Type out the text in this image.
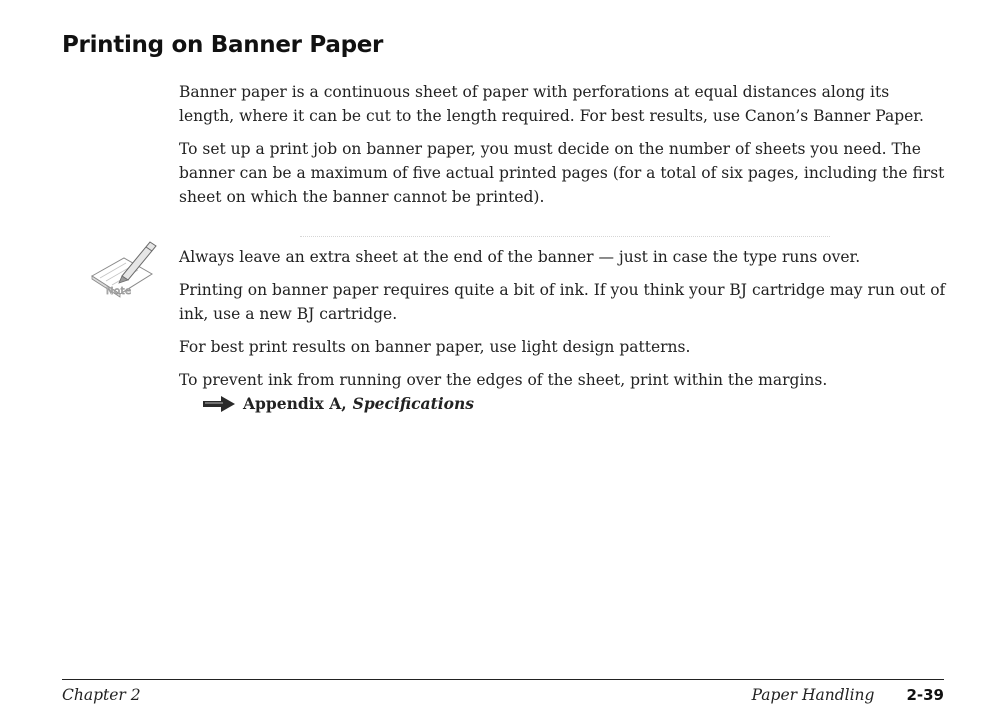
Printing on Banner Paper

Banner paper is a continuous sheet of paper with perforations at equal distances along its length, where it can be cut to the length required. For best results, use Canon’s Banner Paper.

To set up a print job on banner paper, you must decide on the number of sheets you need. The banner can be a maximum of five actual printed pages (for a total of six pages, including the first sheet on which the banner cannot be printed).

Note

Always leave an extra sheet at the end of the banner — just in case the type runs over.

Printing on banner paper requires quite a bit of ink. If you think your BJ cartridge may run out of ink, use a new BJ cartridge.

For best print results on banner paper, use light design patterns.

To prevent ink from running over the edges of the sheet, print within the margins.

Appendix A, Specifications
Chapter 2	Paper Handling 2-39
